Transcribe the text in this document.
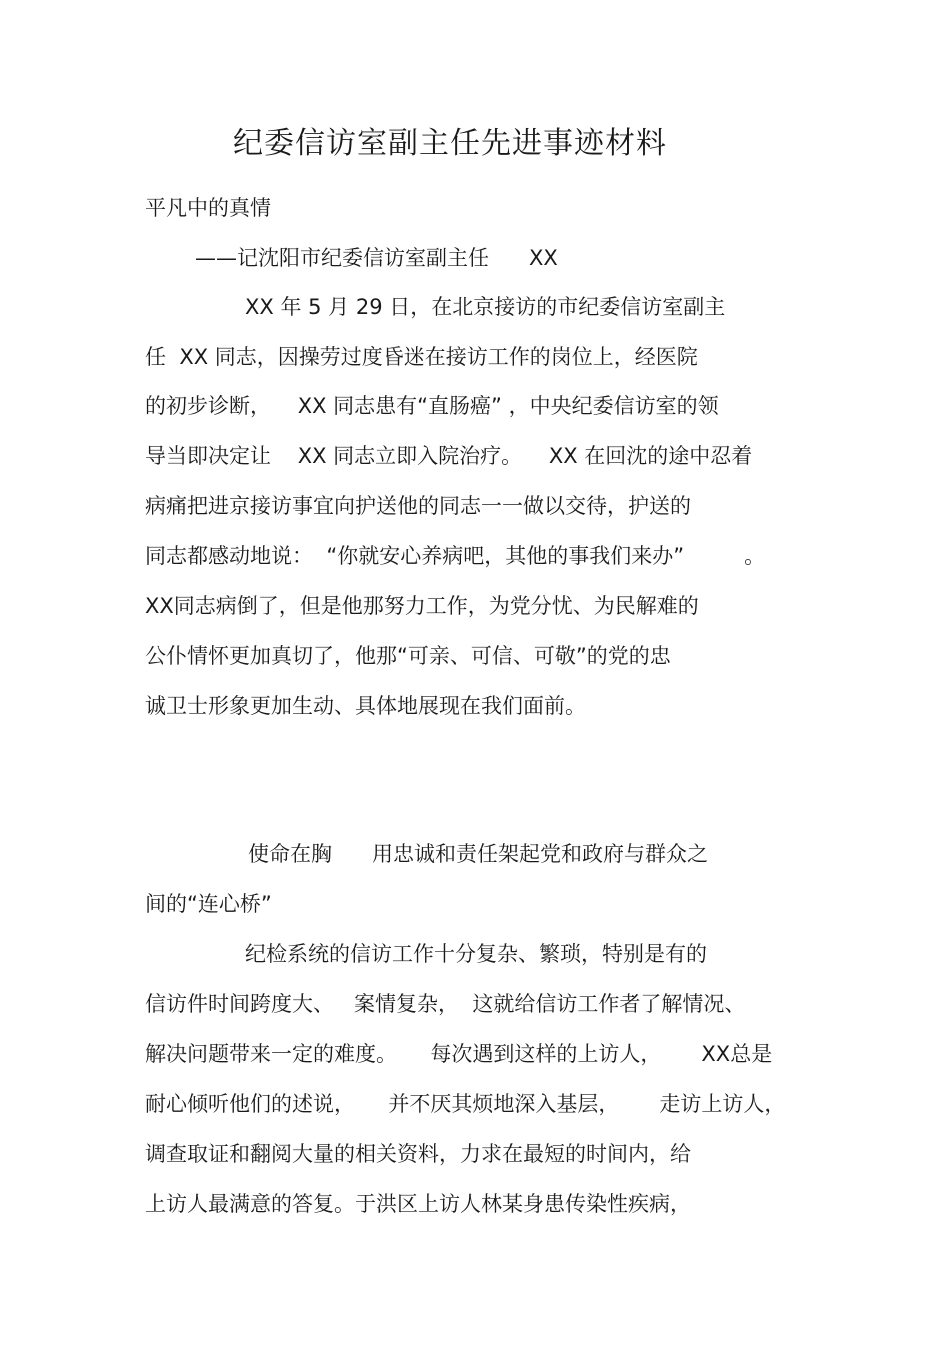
纪委信访室副主任先进事迹材料
平凡中的真情
——记沈阳市纪委信访室副主任      XX
XX 年 5 月 29 日，在北京接访的市纪委信访室副主
任  XX 同志，因操劳过度昏迷在接访工作的岗位上，经医院
的初步诊断，    XX 同志患有“直肠癌” ，中央纪委信访室的领
导当即决定让    XX 同志立即入院治疗。    XX 在回沈的途中忍着
病痛把进京接访事宜向护送他的同志一一做以交待，护送的
同志都感动地说：  “你就安心养病吧，其他的事我们来办”         。
XX同志病倒了，但是他那努力工作，为党分忧、为民解难的
公仆情怀更加真切了，他那“可亲、可信、可敬”的党的忠
诚卫士形象更加生动、具体地展现在我们面前。
使命在胸      用忠诚和责任架起党和政府与群众之
间的“连心桥”
纪检系统的信访工作十分复杂、繁琐，特别是有的
信访件时间跨度大、   案情复杂，  这就给信访工作者了解情况、
解决问题带来一定的难度。     每次遇到这样的上访人，      XX总是
耐心倾听他们的述说，     并不厌其烦地深入基层，      走访上访人，
调查取证和翻阅大量的相关资料，力求在最短的时间内，给
上访人最满意的答复。于洪区上访人林某身患传染性疾病，
